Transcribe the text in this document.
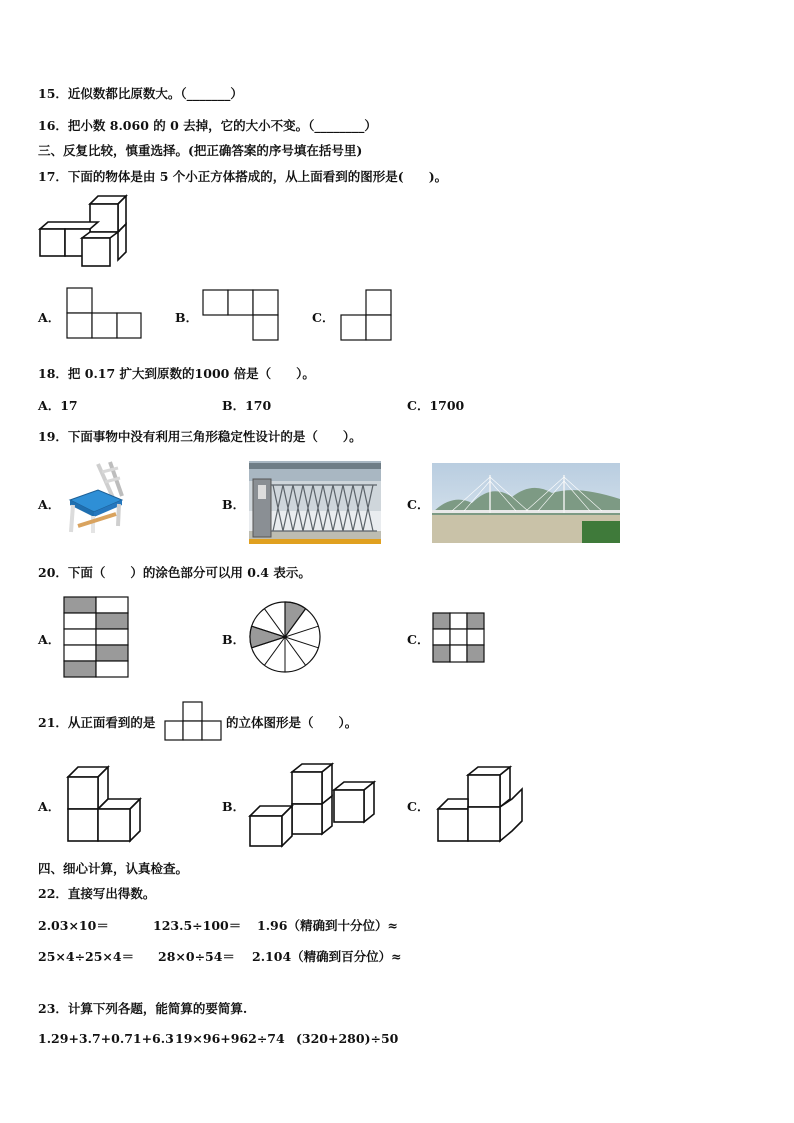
15．近似数都比原数大。（_______）
16．把小数 8.060 的 0 去掉，它的大小不变。（________）
三、反复比较，慎重选择。(把正确答案的序号填在括号里)
17．下面的物体是由 5 个小正方体搭成的，从上面看到的图形是(　　)。
A．	B．	C．
18．把 0.17 扩大到原数的1000 倍是（　　）。
A．17	B．170	C．1700
19．下面事物中没有利用三角形稳定性设计的是（　　）。
A．	B．	C．
20．下面（　　）的涂色部分可以用 0.4 表示。
A．	B．	C．
21．从正面看到的是	的立体图形是（　　）。
A．	B．	C．
四、细心计算，认真检查。
22．直接写出得数。
2.03×10＝	123.5÷100＝ 1.96（精确到十分位）≈
25×4÷25×4＝ 28×0÷54＝ 2.104（精确到百分位）≈
23．计算下列各题，能简算的要简算.
1.29+3.7+0.71+6.3 19×96+962÷74 (320+280)÷50
